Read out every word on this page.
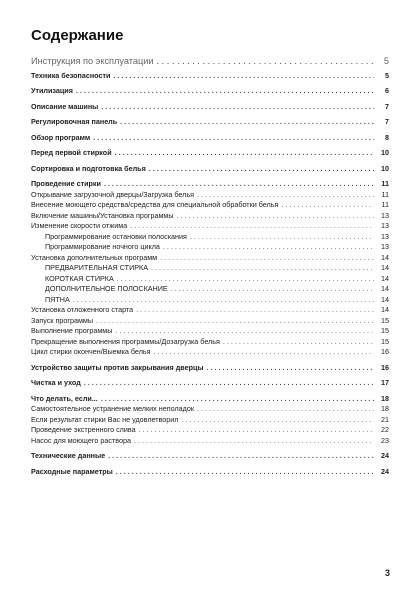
Содержание
Инструкция по эксплуатации . . .	5
Техника безопасности . . .	5
Утилизация . . .	6
Описание машины . . .	7
Регулировочная панель . . .	7
Обзор программ . . .	8
Перед первой стиркой . . .	10
Сортировка и подготовка белья . . .	10
Проведение стирки . . .	11
Открывание загрузочной дверцы/Загрузка белья . . .	11
Внесение моющего средства/средства для специальной обработки белья . . .	11
Включение машины/Установка программы . . .	13
Изменение скорости отжима . . .	13
Программирование остановки полоскания . . .	13
Программирование ночного цикла . . .	13
Установка дополнительных программ . . .	14
ПРЕДВАРИТЕЛЬНАЯ СТИРКА . . .	14
КОРОТКАЯ СТИРКА . . .	14
ДОПОЛНИТЕЛЬНОЕ ПОЛОСКАНИЕ . . .	14
ПЯТНА . . .	14
Установка отложенного старта . . .	14
Запуск программы . . .	15
Выполнение программы . . .	15
Прекращение выполнения программы/Дозагрузка белья . . .	15
Цикл стирки окончен/Выемка белья . . .	16
Устройство защиты против закрывания дверцы . . .	16
Чистка и уход . . .	17
Что делать, если... . . .	18
Самостоятельное устранение мелких неполадок . . .	18
Если результат стирки Вас не удовлетворил . . .	21
Проведение экстренного слива . . .	22
Насос для моющего раствора . . .	23
Технические данные . . .	24
Расходные параметры . . .	24
3
